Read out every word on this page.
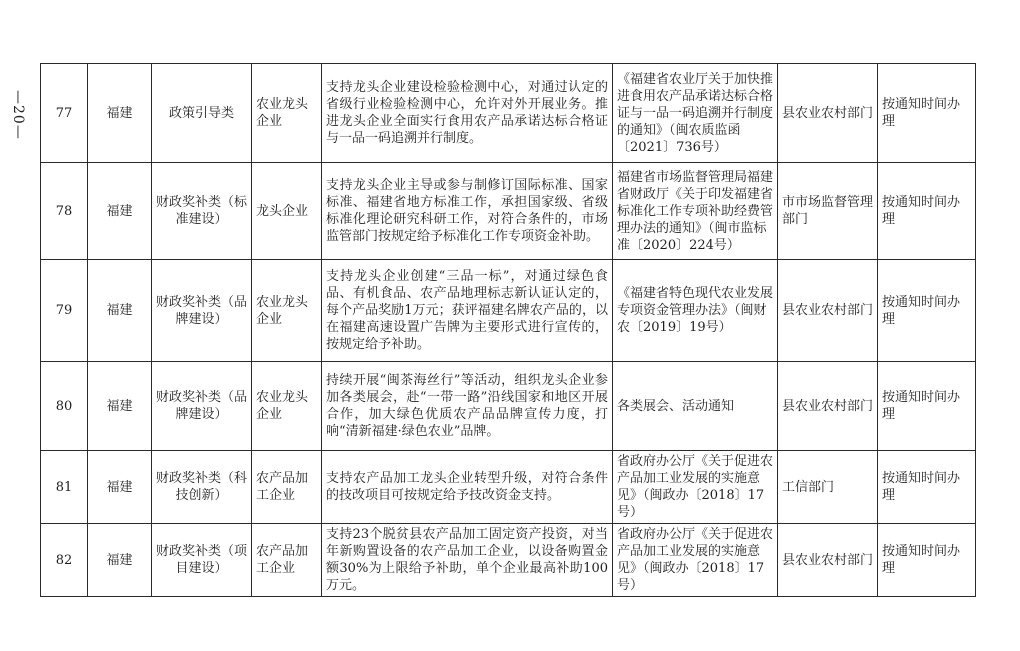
—20—	77	福建	政策引导类	农业龙头企业	支持龙头企业建设检验检测中心，对通过认定的省级行业检验检测中心，允许对外开展业务。推进龙头企业全面实行食用农产品承诺达标合格证与一品一码追溯并行制度。	《福建省农业厅关于加快推进食用农产品承诺达标合格证与一品一码追溯并行制度的通知》（闽农质监函〔2021〕736号）	县农业农村部门	按通知时间办理
78	福建	财政奖补类（标准建设）	龙头企业	支持龙头企业主导或参与制修订国际标准、国家标准、福建省地方标准工作，承担国家级、省级标准化理论研究科研工作，对符合条件的，市场监管部门按规定给予标准化工作专项资金补助。	福建省市场监督管理局福建省财政厅《关于印发福建省标准化工作专项补助经费管理办法的通知》（闽市监标准〔2020〕224号）	市市场监督管理部门	按通知时间办理
79	福建	财政奖补类（品牌建设）	农业龙头企业	支持龙头企业创建“三品一标”，对通过绿色食品、有机食品、农产品地理标志新认证认定的，每个产品奖励1万元；获评福建名牌农产品的，以在福建高速设置广告牌为主要形式进行宣传的，按规定给予补助。	《福建省特色现代农业发展专项资金管理办法》（闽财农〔2019〕19号）	县农业农村部门	按通知时间办理
80	福建	财政奖补类（品牌建设）	农业龙头企业	持续开展“闽茶海丝行”等活动，组织龙头企业参加各类展会，赴“一带一路”沿线国家和地区开展合作，加大绿色优质农产品品牌宣传力度，打响“清新福建·绿色农业”品牌。	各类展会、活动通知	县农业农村部门	按通知时间办理
81	福建	财政奖补类（科技创新）	农产品加工企业	支持农产品加工龙头企业转型升级，对符合条件的技改项目可按规定给予技改资金支持。	省政府办公厅《关于促进农产品加工业发展的实施意见》（闽政办〔2018〕17号）	工信部门	按通知时间办理
82	福建	财政奖补类（项目建设）	农产品加工企业	支持23个脱贫县农产品加工固定资产投资，对当年新购置设备的农产品加工企业，以设备购置金额30%为上限给予补助，单个企业最高补助100万元。	省政府办公厅《关于促进农产品加工业发展的实施意见》（闽政办〔2018〕17号）	县农业农村部门	按通知时间办理
